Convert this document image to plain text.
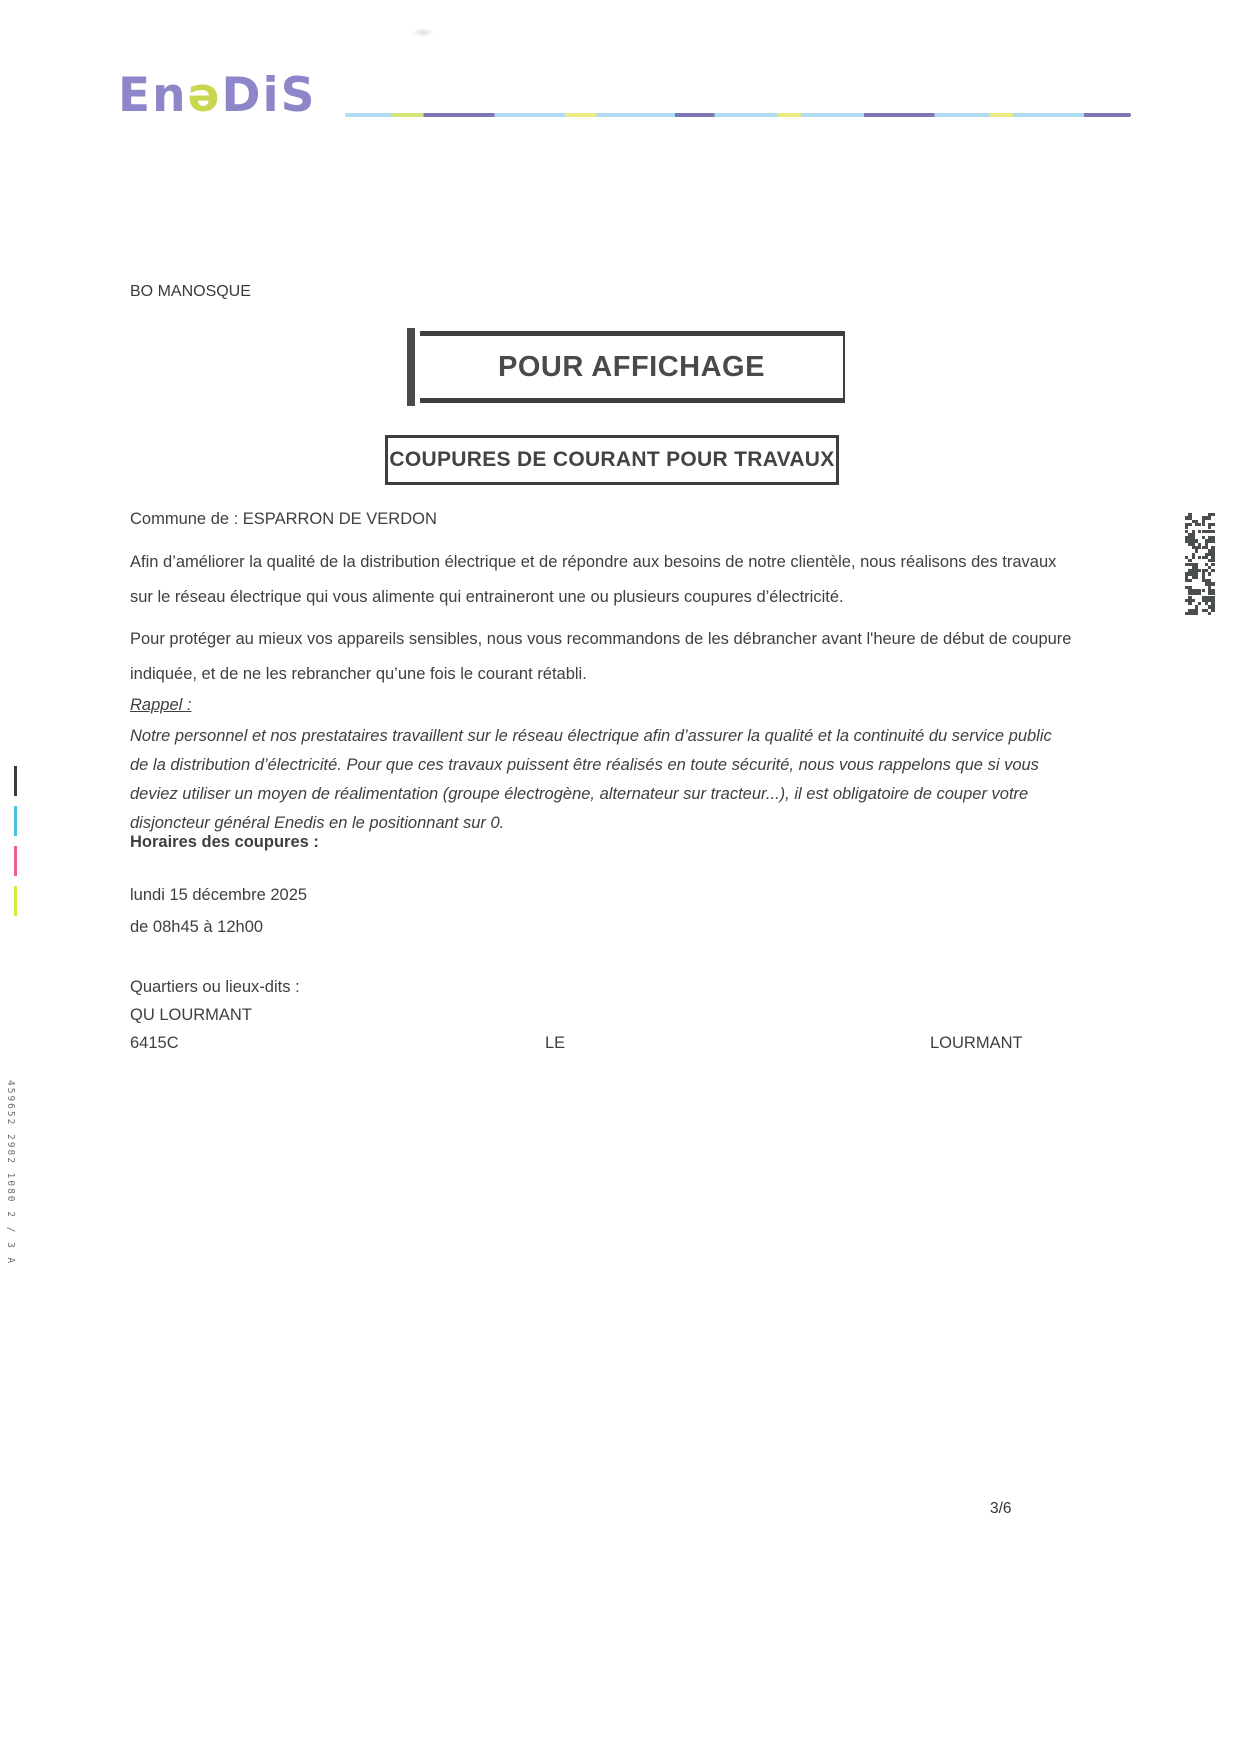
EnəDiS
BO MANOSQUE
POUR AFFICHAGE
COUPURES DE COURANT POUR TRAVAUX
Commune de : ESPARRON DE VERDON
Afin d’améliorer la qualité de la distribution électrique et de répondre aux besoins de notre clientèle, nous réalisons des travaux
sur le réseau électrique qui vous alimente qui entraineront une ou plusieurs coupures d’électricité.
Pour protéger au mieux vos appareils sensibles, nous vous recommandons de les débrancher avant l'heure de début de coupure
indiquée, et de ne les rebrancher qu’une fois le courant rétabli.
Rappel :
Notre personnel et nos prestataires travaillent sur le réseau électrique afin d’assurer la qualité et la continuité du service public
de la distribution d’électricité. Pour que ces travaux puissent être réalisés en toute sécurité, nous vous rappelons que si vous
deviez utiliser un moyen de réalimentation (groupe électrogène, alternateur sur tracteur...), il est obligatoire de couper votre
disjoncteur général Enedis en le positionnant sur 0.
Horaires des coupures :
lundi 15 décembre 2025
de 08h45 à 12h00
Quartiers ou lieux-dits :
QU LOURMANT
6415C	LE	LOURMANT
459652 2982 1080 2 / 3 A
3/6
